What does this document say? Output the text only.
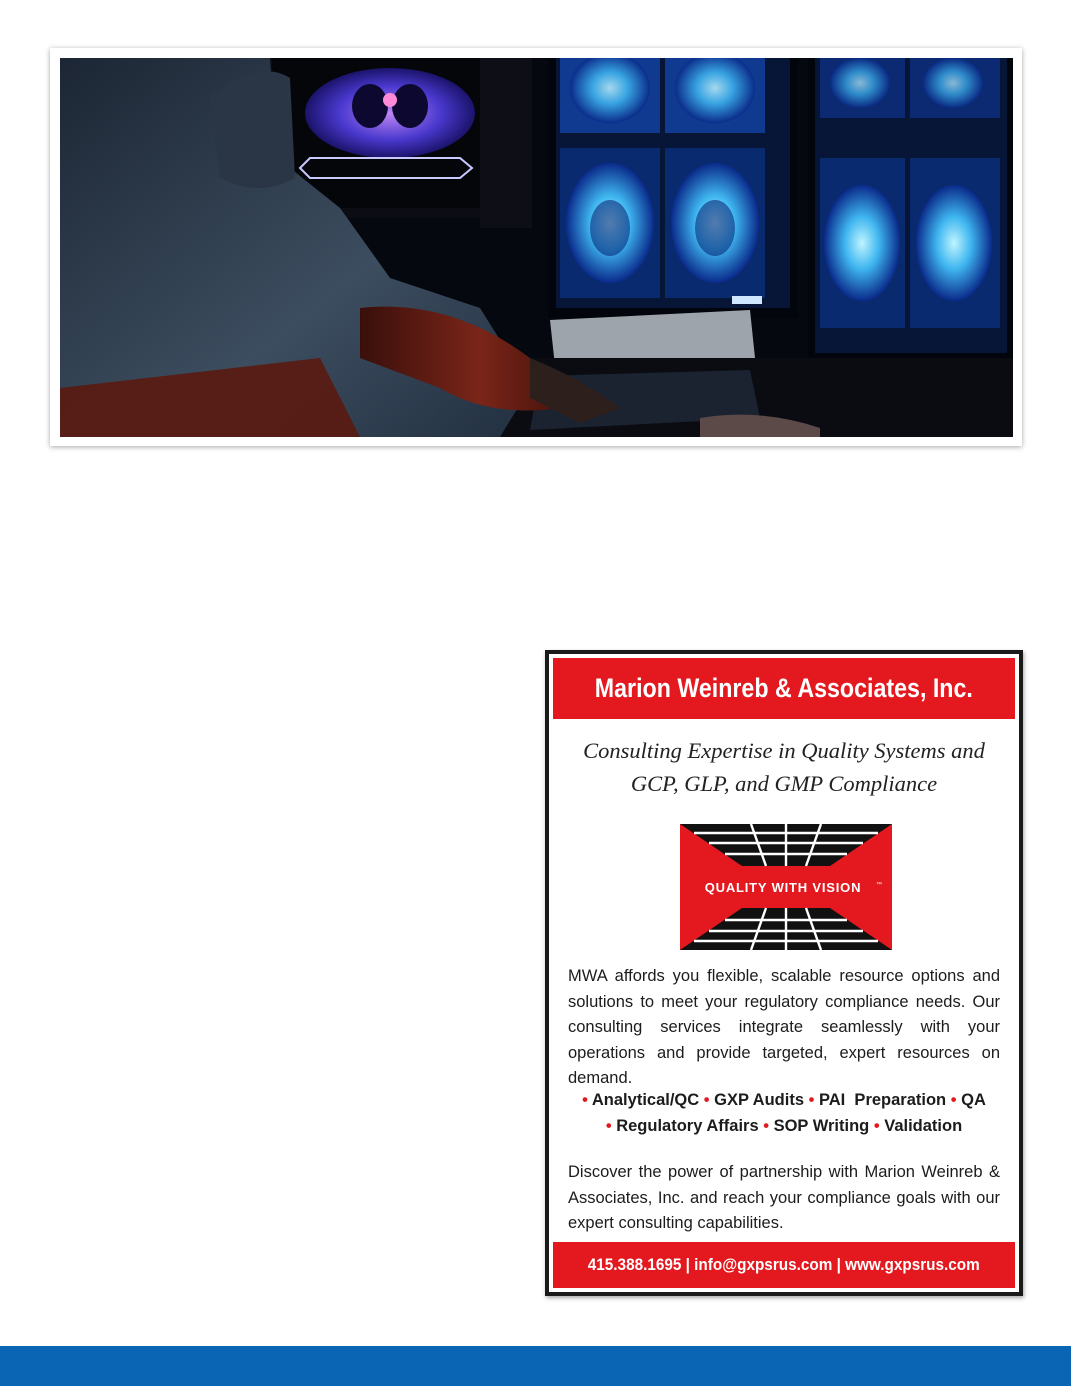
Marion Weinreb & Associates, Inc.
Consulting Expertise in Quality Systems and
GCP, GLP, and GMP Compliance
QUALITY WITH VISION ™
MWA affords you flexible, scalable resource options and solutions to meet your regulatory compliance needs. Our consulting services integrate seamlessly with your operations and provide targeted, expert resources on demand.
• Analytical/QC • GXP Audits • PAI  Preparation • QA
• Regulatory Affairs • SOP Writing • Validation
Discover the power of partnership with Marion Weinreb & Associates, Inc. and reach your compliance goals with our expert consulting capabilities.
415.388.1695 | info@gxpsrus.com | www.gxpsrus.com
